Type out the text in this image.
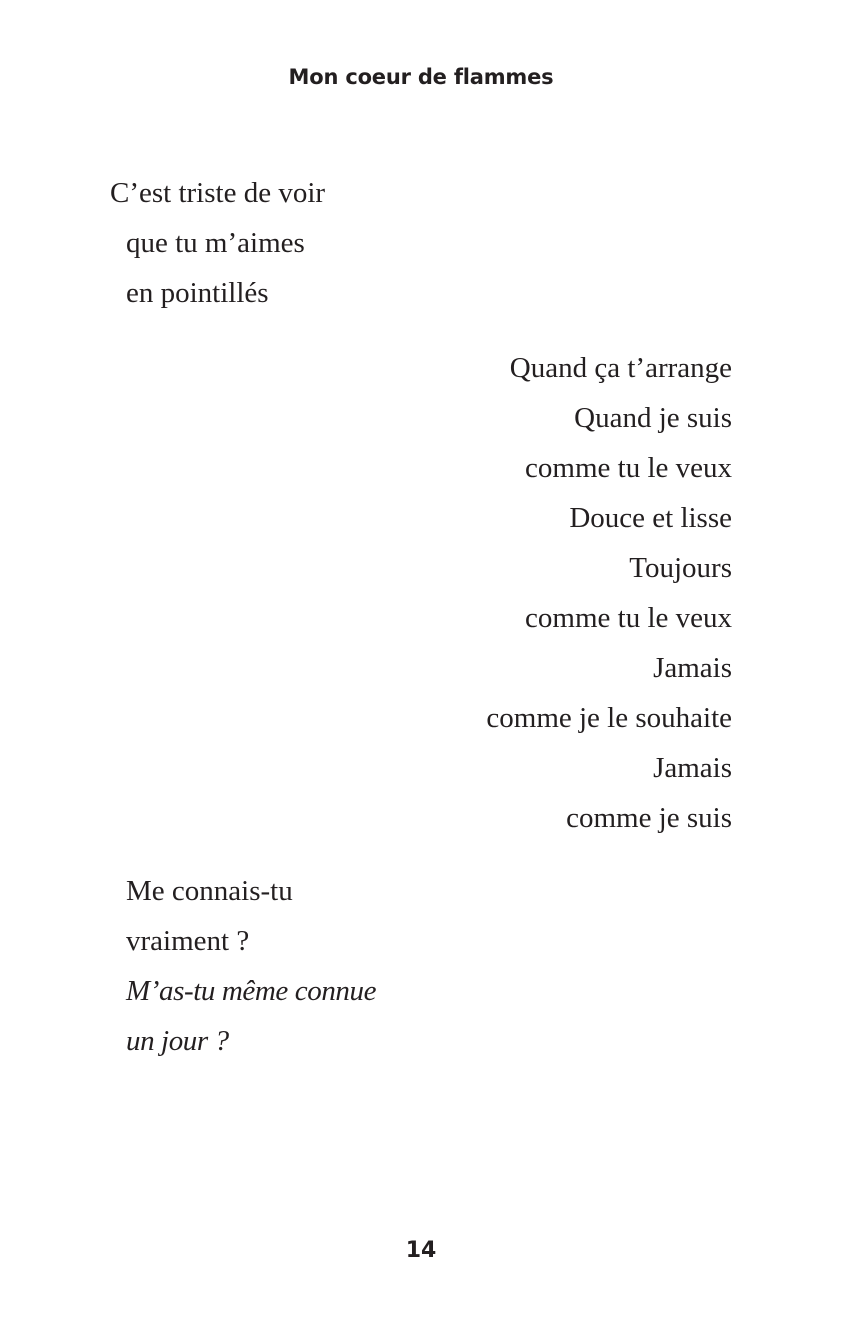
Mon coeur de flammes
C’est triste de voir
que tu m’aimes
en pointillés
Quand ça t’arrange
Quand je suis
comme tu le veux
Douce et lisse
Toujours
comme tu le veux
Jamais
comme je le souhaite
Jamais
comme je suis
Me connais-tu
vraiment ?
M’as-tu même connue
un jour ?
14
